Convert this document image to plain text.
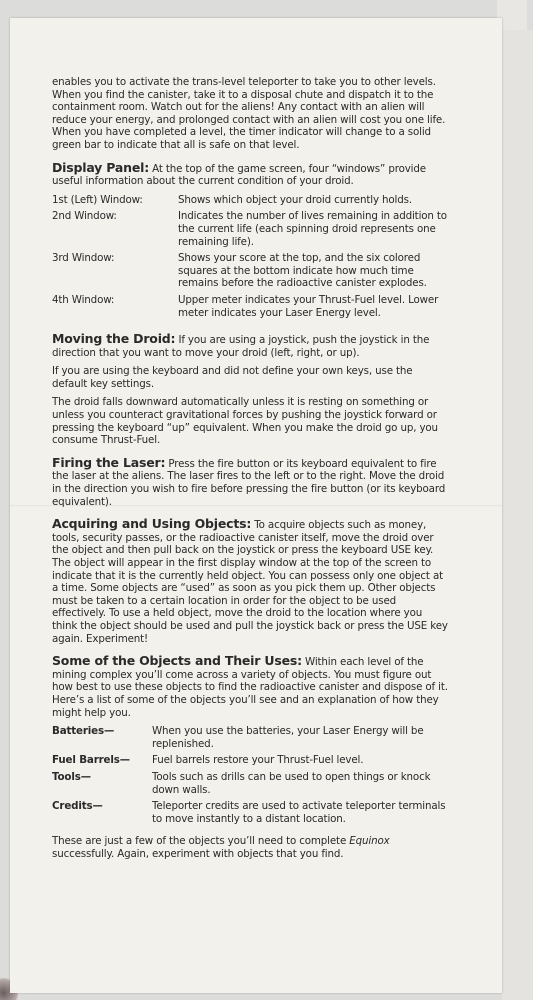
enables you to activate the trans-level teleporter to take you to other levels. When you find the canister, take it to a disposal chute and dispatch it to the containment room. Watch out for the aliens! Any contact with an alien will reduce your energy, and prolonged contact with an alien will cost you one life. When you have completed a level, the timer indicator will change to a solid green bar to indicate that all is safe on that level.

Display Panel: At the top of the game screen, four “windows” provide useful information about the current condition of your droid.

1st (Left) Window:	Shows which object your droid currently holds.
2nd Window:	Indicates the number of lives remaining in addition to the current life (each spinning droid represents one remaining life).
3rd Window:	Shows your score at the top, and the six colored squares at the bottom indicate how much time remains before the radioactive canister explodes.
4th Window:	Upper meter indicates your Thrust-Fuel level. Lower meter indicates your Laser Energy level.

Moving the Droid: If you are using a joystick, push the joystick in the direction that you want to move your droid (left, right, or up).

If you are using the keyboard and did not define your own keys, use the default key settings.

The droid falls downward automatically unless it is resting on something or unless you counteract gravitational forces by pushing the joystick forward or pressing the keyboard “up” equivalent. When you make the droid go up, you consume Thrust-Fuel.

Firing the Laser: Press the fire button or its keyboard equivalent to fire the laser at the aliens. The laser fires to the left or to the right. Move the droid in the direction you wish to fire before pressing the fire button (or its keyboard equivalent).

Acquiring and Using Objects: To acquire objects such as money, tools, security passes, or the radioactive canister itself, move the droid over the object and then pull back on the joystick or press the keyboard USE key. The object will appear in the first display window at the top of the screen to indicate that it is the currently held object. You can possess only one object at a time. Some objects are “used” as soon as you pick them up. Other objects must be taken to a certain location in order for the object to be used effectively. To use a held object, move the droid to the location where you think the object should be used and pull the joystick back or press the USE key again. Experiment!

Some of the Objects and Their Uses: Within each level of the mining complex you’ll come across a variety of objects. You must figure out how best to use these objects to find the radioactive canister and dispose of it. Here’s a list of some of the objects you’ll see and an explanation of how they might help you.

Batteries—	When you use the batteries, your Laser Energy will be replenished.
Fuel Barrels—	Fuel barrels restore your Thrust-Fuel level.
Tools—	Tools such as drills can be used to open things or knock down walls.
Credits—	Teleporter credits are used to activate teleporter terminals to move instantly to a distant location.

These are just a few of the objects you’ll need to complete Equinox successfully. Again, experiment with objects that you find.
